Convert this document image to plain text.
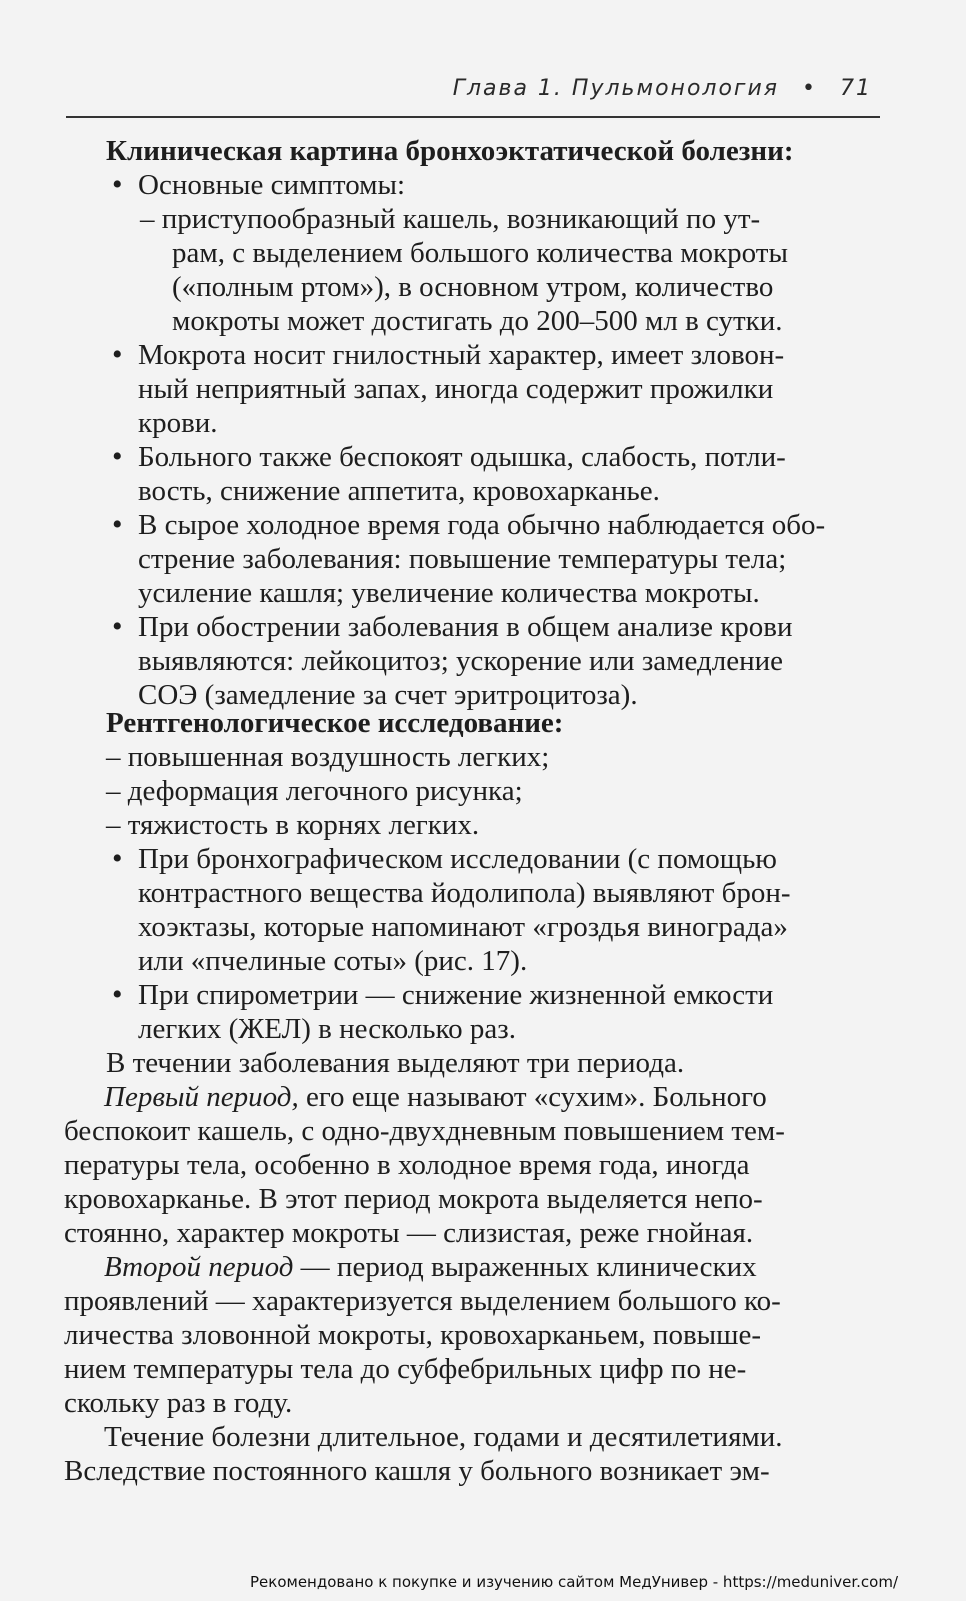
Глава 1. Пульмонология • 71

Клиническая картина бронхоэктатической болезни:

• Основные симптомы:

– приступообразный кашель, возникающий по ут-

рам, с выделением большого количества мокроты

(«полным ртом»), в основном утром, количество

мокроты может достигать до 200–500 мл в сутки.

• Мокрота носит гнилостный характер, имеет зловон-

ный неприятный запах, иногда содержит прожилки

крови.

• Больного также беспокоят одышка, слабость, потли-

вость, снижение аппетита, кровохарканье.

• В сырое холодное время года обычно наблюдается обо-

стрение заболевания: повышение температуры тела;

усиление кашля; увеличение количества мокроты.

• При обострении заболевания в общем анализе крови

выявляются: лейкоцитоз; ускорение или замедление

СОЭ (замедление за счет эритроцитоза).

Рентгенологическое исследование:

– повышенная воздушность легких;

– деформация легочного рисунка;

– тяжистость в корнях легких.

• При бронхографическом исследовании (с помощью

контрастного вещества йодолипола) выявляют брон-

хоэктазы, которые напоминают «гроздья винограда»

или «пчелиные соты» (рис. 17).

• При спирометрии — снижение жизненной емкости

легких (ЖЕЛ) в несколько раз.

В течении заболевания выделяют три периода.

Первый период, его еще называют «сухим». Больного

беспокоит кашель, с одно-двухдневным повышением тем-

пературы тела, особенно в холодное время года, иногда

кровохарканье. В этот период мокрота выделяется непо-

стоянно, характер мокроты — слизистая, реже гнойная.

Второй период — период выраженных клинических

проявлений — характеризуется выделением большого ко-

личества зловонной мокроты, кровохарканьем, повыше-

нием температуры тела до субфебрильных цифр по не-

скольку раз в году.

Течение болезни длительное, годами и десятилетиями.

Вследствие постоянного кашля у больного возникает эм-

Рекомендовано к покупке и изучению сайтом МедУнивер - https://meduniver.com/
